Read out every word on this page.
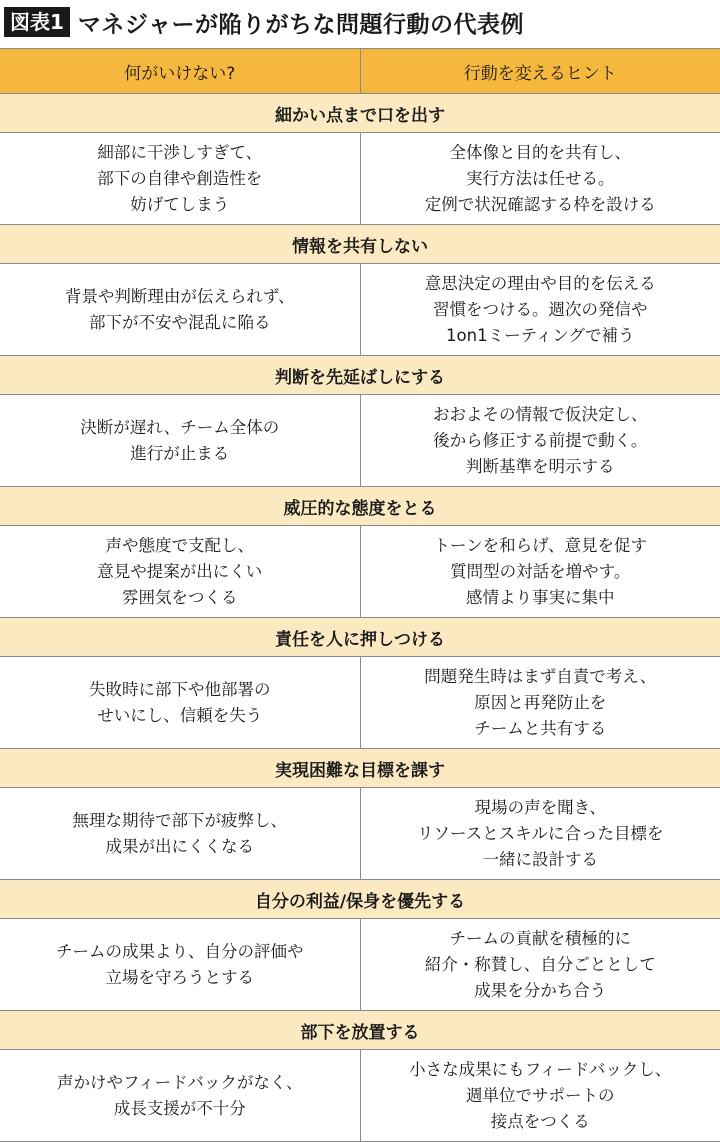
図表1 マネジャーが陥りがちな問題行動の代表例
何がいけない?	行動を変えるヒント
細かい点まで口を出す
細部に干渉しすぎて、
部下の自律や創造性を
妨げてしまう
全体像と目的を共有し、
実行方法は任せる。
定例で状況確認する枠を設ける
情報を共有しない
背景や判断理由が伝えられず、
部下が不安や混乱に陥る
意思決定の理由や目的を伝える
習慣をつける。週次の発信や
1on1ミーティングで補う
判断を先延ばしにする
決断が遅れ、チーム全体の
進行が止まる
おおよその情報で仮決定し、
後から修正する前提で動く。
判断基準を明示する
威圧的な態度をとる
声や態度で支配し、
意見や提案が出にくい
雰囲気をつくる
トーンを和らげ、意見を促す
質問型の対話を増やす。
感情より事実に集中
責任を人に押しつける
失敗時に部下や他部署の
せいにし、信頼を失う
問題発生時はまず自責で考え、
原因と再発防止を
チームと共有する
実現困難な目標を課す
無理な期待で部下が疲弊し、
成果が出にくくなる
現場の声を聞き、
リソースとスキルに合った目標を
一緒に設計する
自分の利益/保身を優先する
チームの成果より、自分の評価や
立場を守ろうとする
チームの貢献を積極的に
紹介・称賛し、自分ごととして
成果を分かち合う
部下を放置する
声かけやフィードバックがなく、
成長支援が不十分
小さな成果にもフィードバックし、
週単位でサポートの
接点をつくる
